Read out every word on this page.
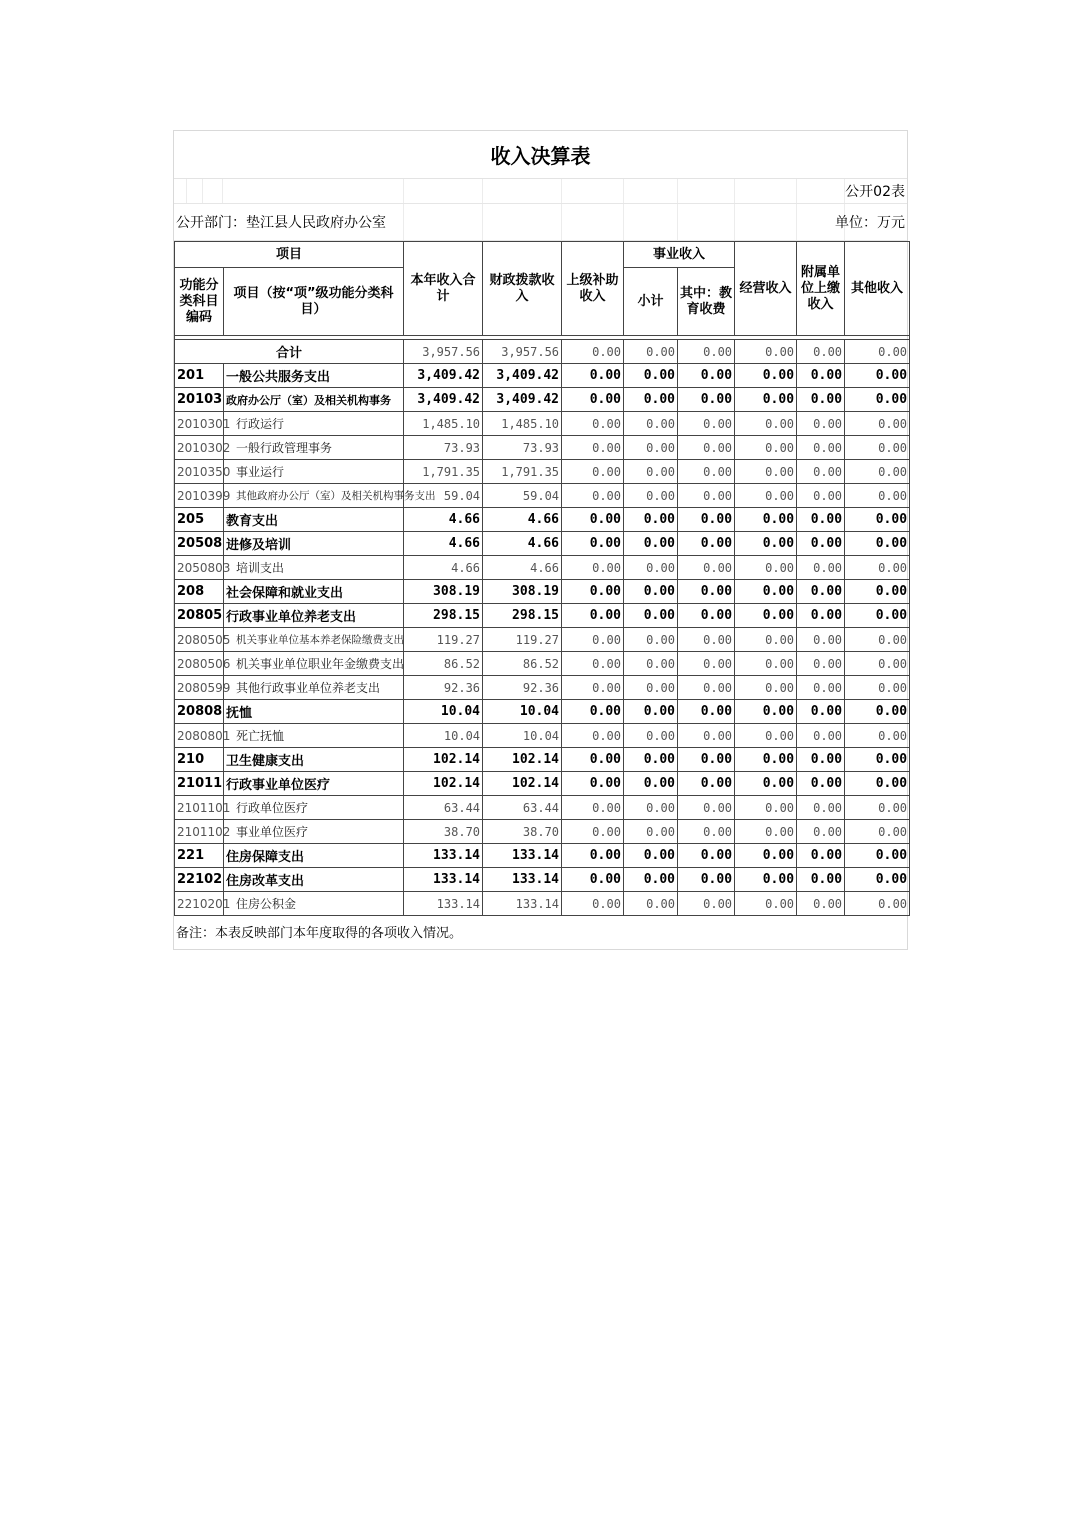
收入决算表
公开02表
公开部门：垫江县人民政府办公室	单位：万元
项目		本年收入合计	财政拨款收入	上级补助收入	事业收入		经营收入	附属单位上缴收入	其他收入
功能分类科目编码	项目（按“项”级功能分类科目）				小计	其中：教育收费			

合计		3,957.56	3,957.56	0.00	0.00	0.00	0.00	0.00	0.00
201	一般公共服务支出	3,409.42	3,409.42	0.00	0.00	0.00	0.00	0.00	0.00
20103	政府办公厅（室）及相关机构事务	3,409.42	3,409.42	0.00	0.00	0.00	0.00	0.00	0.00
2010301	行政运行	1,485.10	1,485.10	0.00	0.00	0.00	0.00	0.00	0.00
2010302	一般行政管理事务	73.93	73.93	0.00	0.00	0.00	0.00	0.00	0.00
2010350	事业运行	1,791.35	1,791.35	0.00	0.00	0.00	0.00	0.00	0.00
2010399	其他政府办公厅（室）及相关机构事务支出	59.04	59.04	0.00	0.00	0.00	0.00	0.00	0.00
205	教育支出	4.66	4.66	0.00	0.00	0.00	0.00	0.00	0.00
20508	进修及培训	4.66	4.66	0.00	0.00	0.00	0.00	0.00	0.00
2050803	培训支出	4.66	4.66	0.00	0.00	0.00	0.00	0.00	0.00
208	社会保障和就业支出	308.19	308.19	0.00	0.00	0.00	0.00	0.00	0.00
20805	行政事业单位养老支出	298.15	298.15	0.00	0.00	0.00	0.00	0.00	0.00
2080505	机关事业单位基本养老保险缴费支出	119.27	119.27	0.00	0.00	0.00	0.00	0.00	0.00
2080506	机关事业单位职业年金缴费支出	86.52	86.52	0.00	0.00	0.00	0.00	0.00	0.00
2080599	其他行政事业单位养老支出	92.36	92.36	0.00	0.00	0.00	0.00	0.00	0.00
20808	抚恤	10.04	10.04	0.00	0.00	0.00	0.00	0.00	0.00
2080801	死亡抚恤	10.04	10.04	0.00	0.00	0.00	0.00	0.00	0.00
210	卫生健康支出	102.14	102.14	0.00	0.00	0.00	0.00	0.00	0.00
21011	行政事业单位医疗	102.14	102.14	0.00	0.00	0.00	0.00	0.00	0.00
2101101	行政单位医疗	63.44	63.44	0.00	0.00	0.00	0.00	0.00	0.00
2101102	事业单位医疗	38.70	38.70	0.00	0.00	0.00	0.00	0.00	0.00
221	住房保障支出	133.14	133.14	0.00	0.00	0.00	0.00	0.00	0.00
22102	住房改革支出	133.14	133.14	0.00	0.00	0.00	0.00	0.00	0.00
2210201	住房公积金	133.14	133.14	0.00	0.00	0.00	0.00	0.00	0.00
备注：本表反映部门本年度取得的各项收入情况。
